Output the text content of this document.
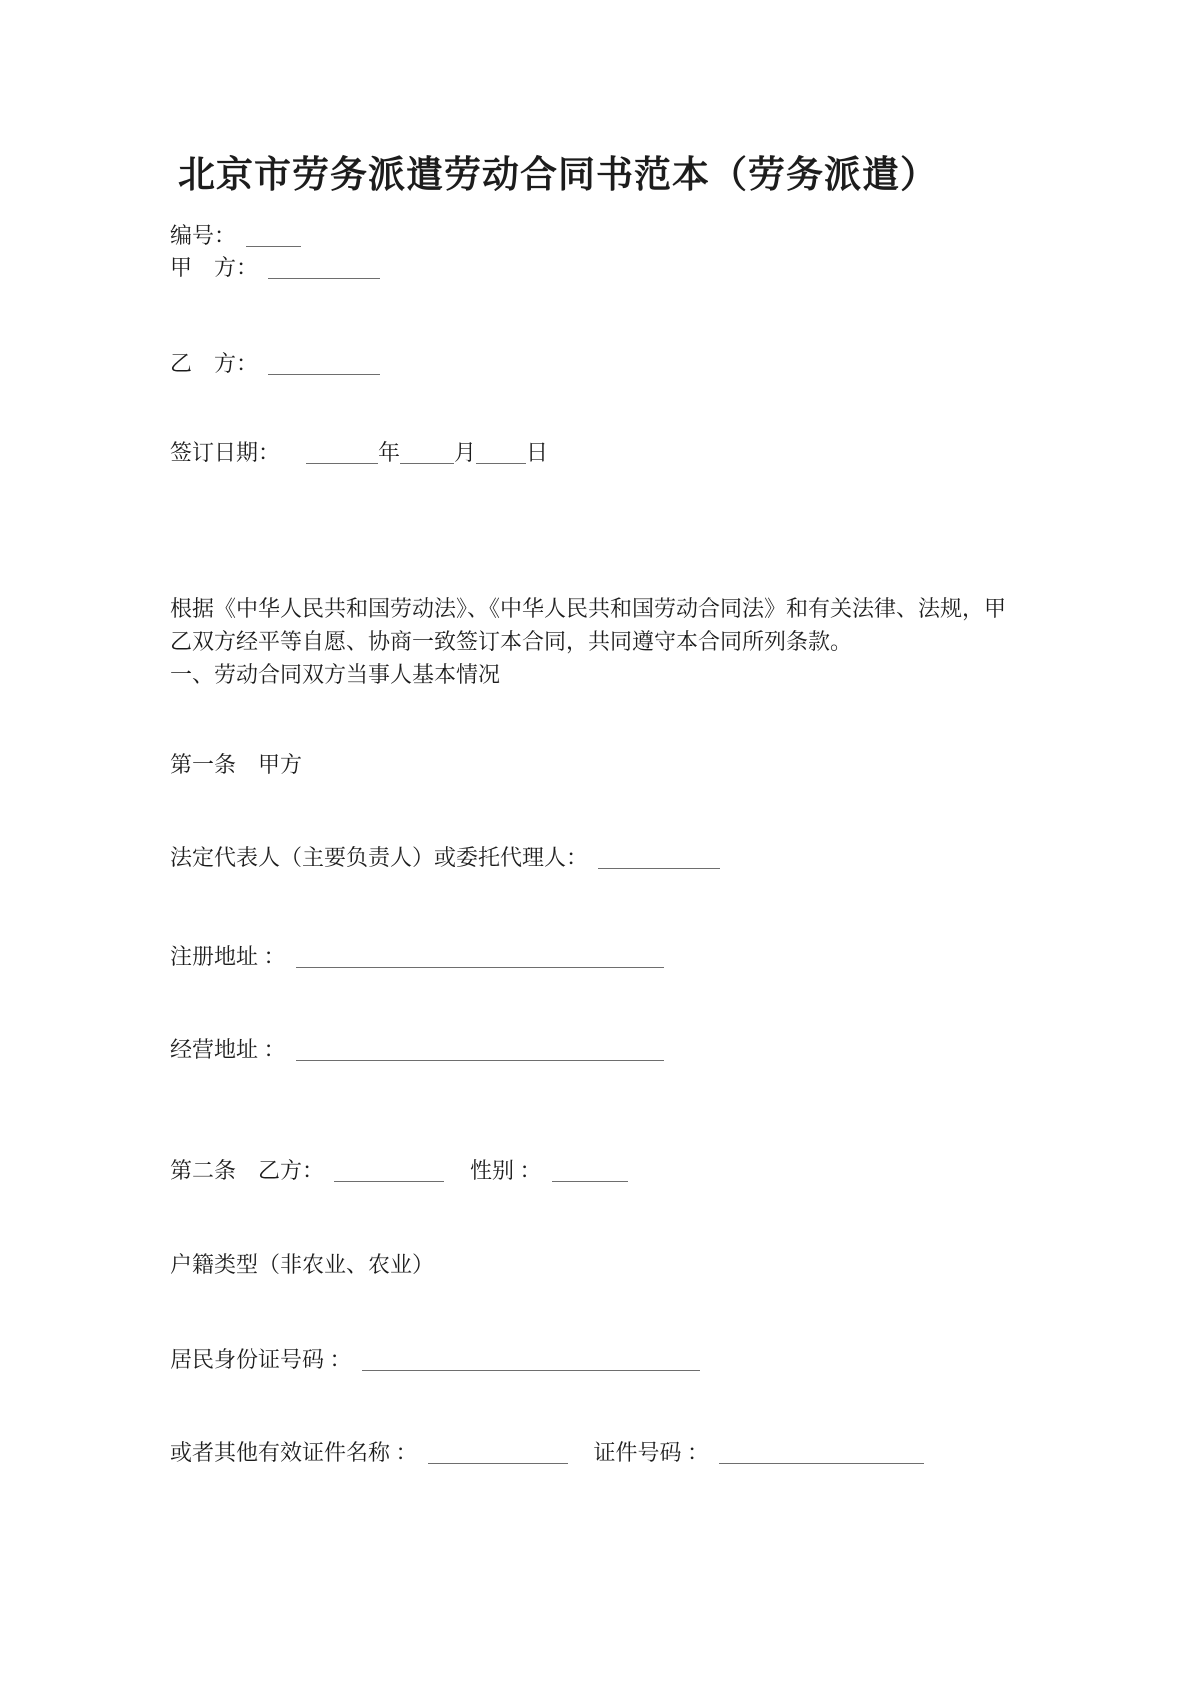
北京市劳务派遣劳动合同书范本（劳务派遣）
编号：
甲　方：
乙　方：
签订日期：	年 月 日
根据《中华人民共和国劳动法》、《中华人民共和国劳动合同法》和有关法律、法规，甲
乙双方经平等自愿、协商一致签订本合同，共同遵守本合同所列条款。
一、劳动合同双方当事人基本情况
第一条　甲方
法定代表人（主要负责人）或委托代理人：
注册地址 ：
经营地址 ：
第二条　乙方：	性别 ：
户籍类型（非农业、农业）
居民身份证号码 ：
或者其他有效证件名称 ：	证件号码 ：
